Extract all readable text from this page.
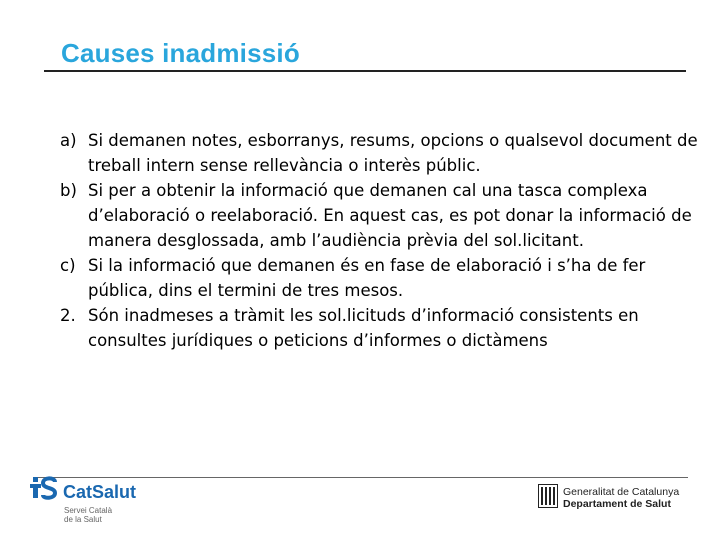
Causes inadmissió
a) Si demanen notes, esborranys, resums, opcions o qualsevol document de treball intern sense rellevància o interès públic.
b) Si per a obtenir la informació que demanen cal una tasca complexa d’elaboració o reelaboració. En aquest cas, es pot donar la informació de manera desglossada, amb l’audiència prèvia del sol.licitant.
c) Si la informació que demanen és en fase de elaboració i s’ha de fer pública, dins el termini de tres mesos.
2. Són inadmeses a tràmit les sol.licituds d’informació consistents en consultes jurídiques o peticions d’informes o dictàmens
CatSalut
Servei Català
de la Salut
Generalitat de Catalunya
Departament de Salut
